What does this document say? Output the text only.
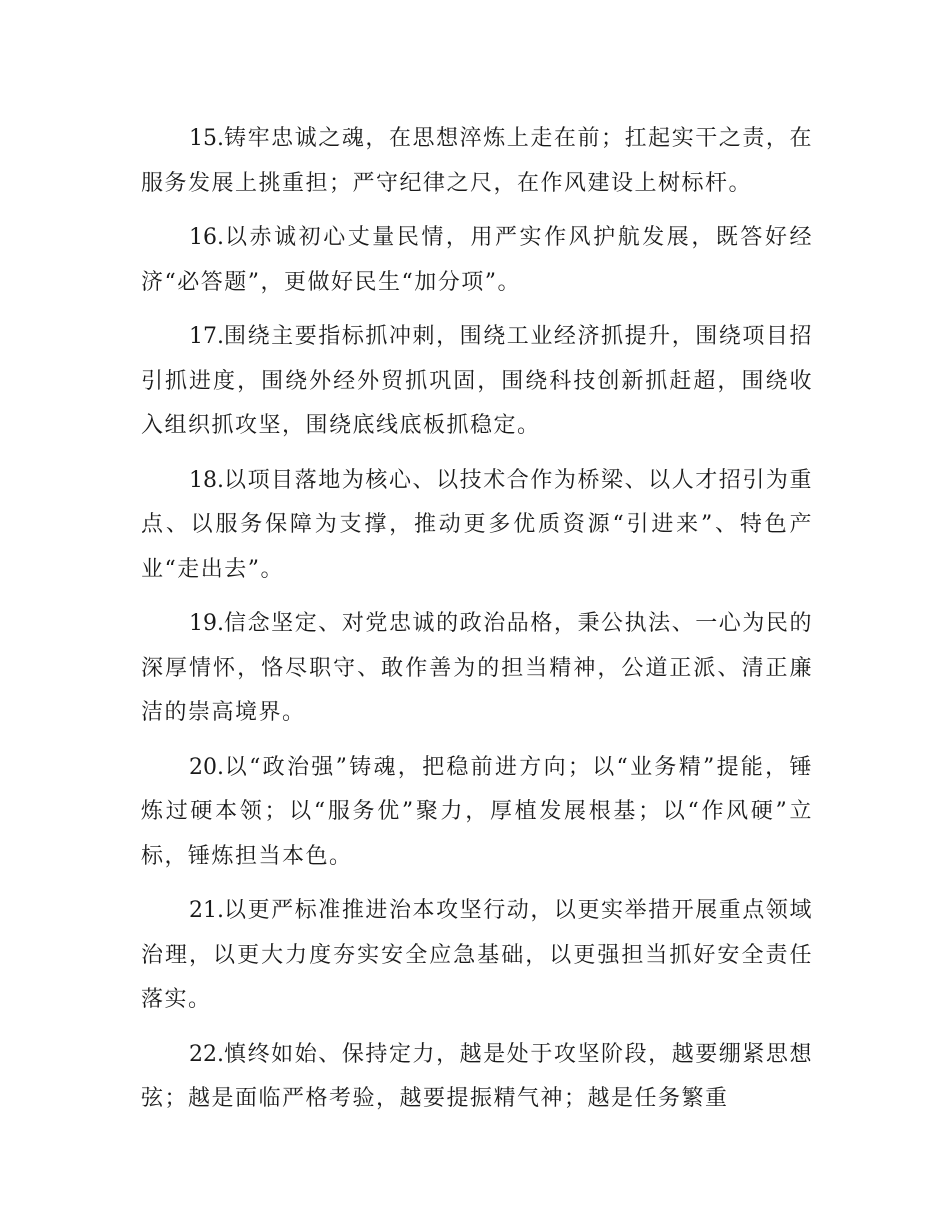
15.铸牢忠诚之魂，在思想淬炼上走在前；扛起实干之责，在服务发展上挑重担；严守纪律之尺，在作风建设上树标杆。

16.以赤诚初心丈量民情，用严实作风护航发展，既答好经济“必答题”，更做好民生“加分项”。

17.围绕主要指标抓冲刺，围绕工业经济抓提升，围绕项目招引抓进度，围绕外经外贸抓巩固，围绕科技创新抓赶超，围绕收入组织抓攻坚，围绕底线底板抓稳定。

18.以项目落地为核心、以技术合作为桥梁、以人才招引为重点、以服务保障为支撑，推动更多优质资源“引进来”、特色产业“走出去”。

19.信念坚定、对党忠诚的政治品格，秉公执法、一心为民的深厚情怀，恪尽职守、敢作善为的担当精神，公道正派、清正廉洁的崇高境界。

20.以“政治强”铸魂，把稳前进方向；以“业务精”提能，锤炼过硬本领；以“服务优”聚力，厚植发展根基；以“作风硬”立标，锤炼担当本色。

21.以更严标准推进治本攻坚行动，以更实举措开展重点领域治理，以更大力度夯实安全应急基础，以更强担当抓好安全责任落实。

22.慎终如始、保持定力，越是处于攻坚阶段，越要绷紧思想弦；越是面临严格考验，越要提振精气神；越是任务繁重
